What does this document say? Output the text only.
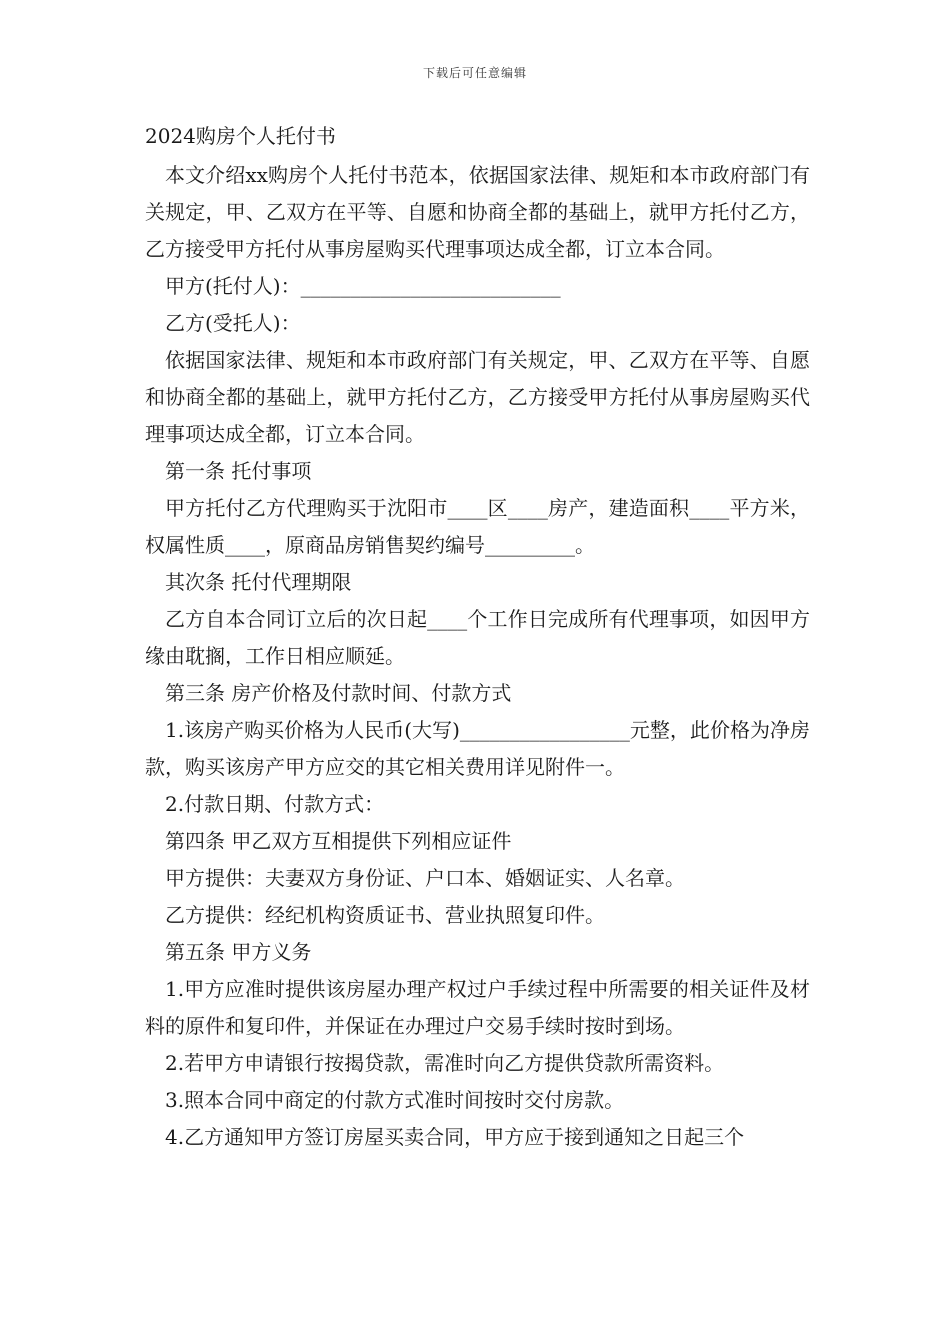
下载后可任意编辑
2024购房个人托付书

本文介绍xx购房个人托付书范本，依据国家法律、规矩和本市政府部门有关规定，甲、乙双方在平等、自愿和协商全都的基础上，就甲方托付乙方，乙方接受甲方托付从事房屋购买代理事项达成全都，订立本合同。

甲方(托付人)：__________________________

乙方(受托人)：

依据国家法律、规矩和本市政府部门有关规定，甲、乙双方在平等、自愿和协商全都的基础上，就甲方托付乙方，乙方接受甲方托付从事房屋购买代理事项达成全都，订立本合同。

第一条 托付事项

甲方托付乙方代理购买于沈阳市____区____房产，建造面积____平方米，权属性质____，原商品房销售契约编号_________。

其次条 托付代理期限

乙方自本合同订立后的次日起____个工作日完成所有代理事项，如因甲方缘由耽搁，工作日相应顺延。

第三条 房产价格及付款时间、付款方式

1.该房产购买价格为人民币(大写)_________________元整，此价格为净房款，购买该房产甲方应交的其它相关费用详见附件一。

2.付款日期、付款方式：

第四条 甲乙双方互相提供下列相应证件

甲方提供：夫妻双方身份证、户口本、婚姻证实、人名章。

乙方提供：经纪机构资质证书、营业执照复印件。

第五条 甲方义务

1.甲方应准时提供该房屋办理产权过户手续过程中所需要的相关证件及材料的原件和复印件，并保证在办理过户交易手续时按时到场。

2.若甲方申请银行按揭贷款，需准时向乙方提供贷款所需资料。

3.照本合同中商定的付款方式准时间按时交付房款。

4.乙方通知甲方签订房屋买卖合同，甲方应于接到通知之日起三个
